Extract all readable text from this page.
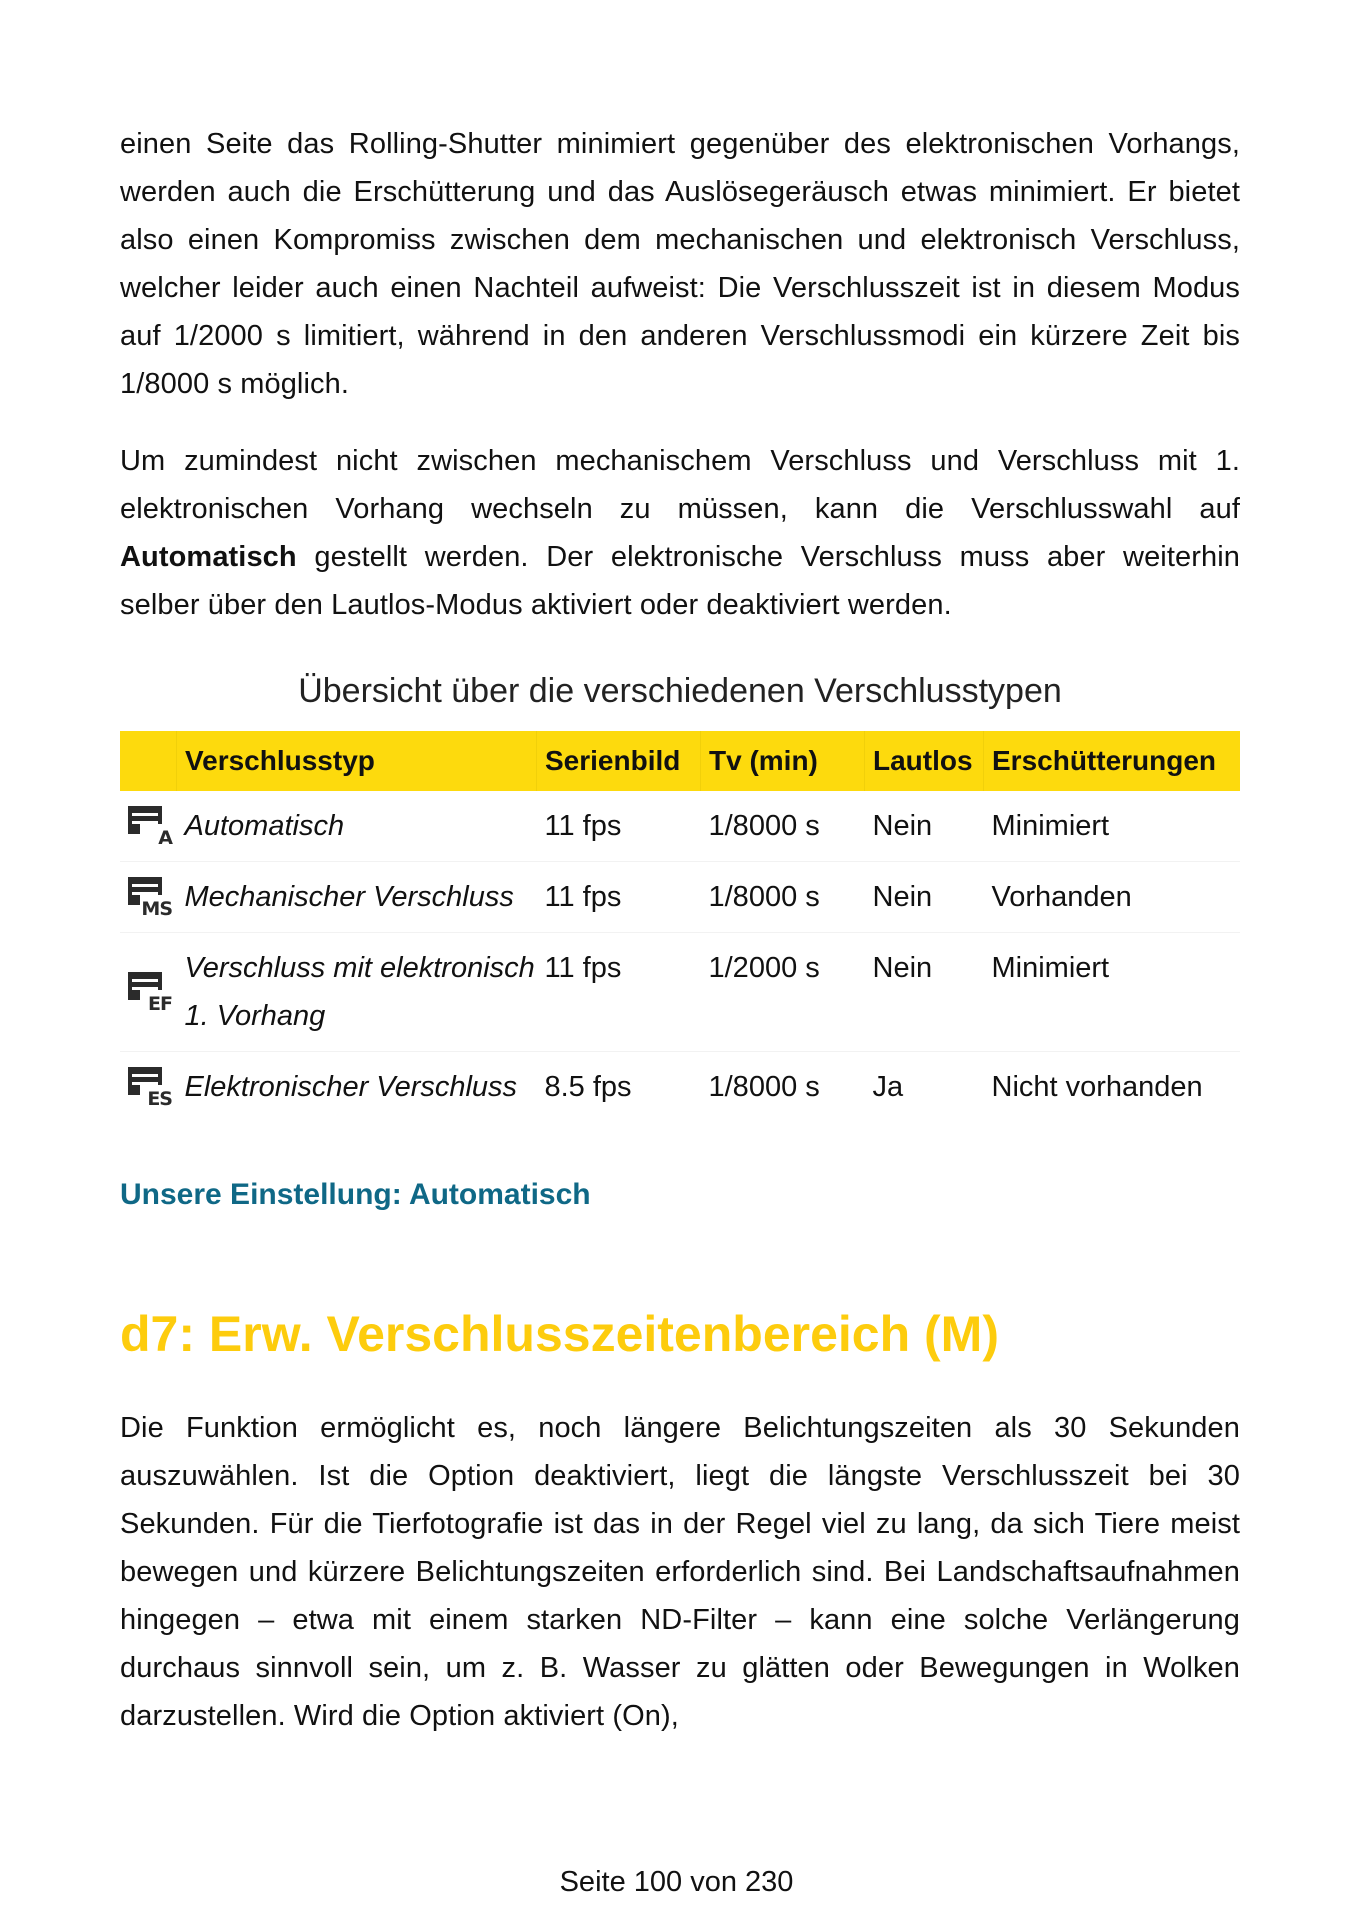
einen Seite das Rolling-Shutter minimiert gegenüber des elektronischen Vorhangs, werden auch die Erschütterung und das Auslösegeräusch etwas minimiert. Er bietet also einen Kompromiss zwischen dem mechanischen und elektronisch Verschluss, welcher leider auch einen Nachteil aufweist: Die Verschlusszeit ist in diesem Modus auf 1/2000 s limitiert, während in den anderen Verschlussmodi ein kürzere Zeit bis 1/8000 s möglich.

Um zumindest nicht zwischen mechanischem Verschluss und Verschluss mit 1. elektronischen Vorhang wechseln zu müssen, kann die Verschlusswahl auf Automatisch gestellt werden. Der elektronische Verschluss muss aber weiterhin selber über den Lautlos-Modus aktiviert oder deaktiviert werden.

Übersicht über die verschiedenen Verschlusstypen
	Verschlusstyp	Serienbild	Tv (min)	Lautlos	Erschütterungen

A	Automatisch	11 fps	1/8000 s	Nein	Minimiert

MS	Mechanischer Verschluss	11 fps	1/8000 s	Nein	Vorhanden

EF	Verschluss mit elektronisch 1. Vorhang	11 fps	1/2000 s	Nein	Minimiert

ES	Elektronischer Verschluss	8.5 fps	1/8000 s	Ja	Nicht vorhanden
Unsere Einstellung: Automatisch
d7: Erw. Verschlusszeitenbereich (M)

Die Funktion ermöglicht es, noch längere Belichtungszeiten als 30 Sekunden auszuwählen. Ist die Option deaktiviert, liegt die längste Verschlusszeit bei 30 Sekunden. Für die Tierfotografie ist das in der Regel viel zu lang, da sich Tiere meist bewegen und kürzere Belichtungszeiten erforderlich sind. Bei Landschaftsaufnahmen hingegen – etwa mit einem starken ND-Filter – kann eine solche Verlängerung durchaus sinnvoll sein, um z. B. Wasser zu glätten oder Bewegungen in Wolken darzustellen. Wird die Option aktiviert (On),

Seite 100 von 230
